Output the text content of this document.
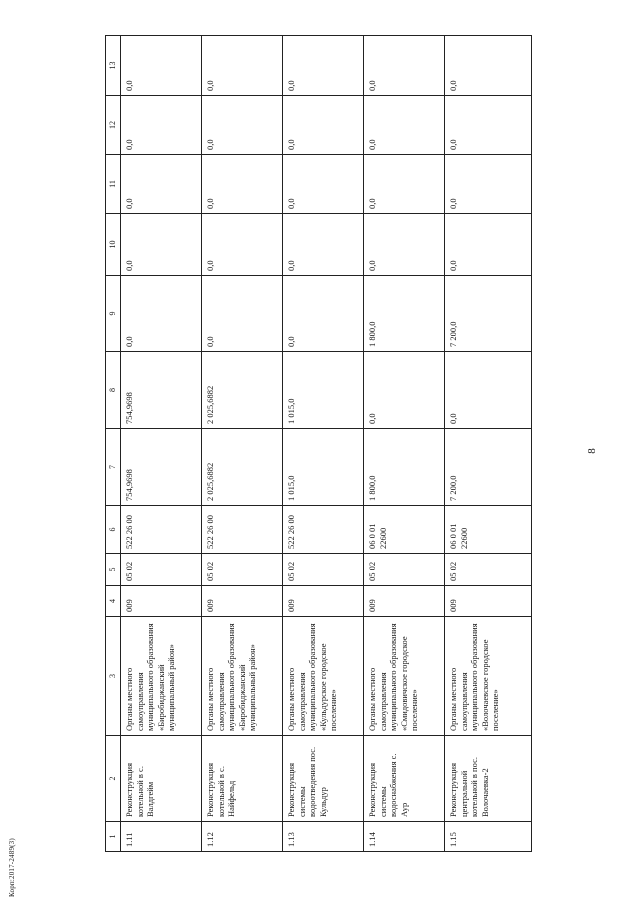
8
Корп:2017-2489(3)
1	2	3	4	5	6	7	8	9	10	11	12	13
1.11	Реконструкция котельной в с. Валдгейм	Органы местного самоуправления муниципального образования «Биробиджанский муниципальный район»	009	05 02	522 26 00	754,9698	754,9698	0,0	0,0	0,0	0,0	0,0
1.12	Реконструкция котельной в с. Найфельд	Органы местного самоуправления муниципального образования «Биробиджанский муниципальный район»	009	05 02	522 26 00	2 025,6882	2 025,6882	0,0	0,0	0,0	0,0	0,0
1.13	Реконструкция системы водоотведения пос. Кульдур	Органы местного самоуправления муниципального образования «Кульдурское городское поселение»	009	05 02	522 26 00	1 015,0	1 015,0	0,0	0,0	0,0	0,0	0,0
1.14	Реконструкция системы водоснабжения с. Аур	Органы местного самоуправления муниципального образования «Смидовичское городское поселение»	009	05 02	06 0 01 22600	1 800,0	0,0	1 800,0	0,0	0,0	0,0	0,0
1.15	Реконструкция центральной котельной в пос. Волочаевка-2	Органы местного самоуправления муниципального образования «Волочаевское городское поселение»	009	05 02	06 0 01 22600	7 200,0	0,0	7 200,0	0,0	0,0	0,0	0,0
